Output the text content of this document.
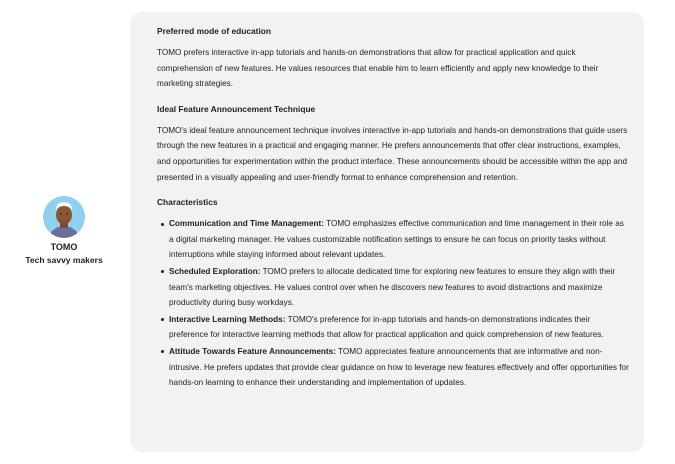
TOMO
Tech savvy makers
Preferred mode of education

TOMO prefers interactive in-app tutorials and hands-on demonstrations that allow for practical application and quick comprehension of new features. He values resources that enable him to learn efficiently and apply new knowledge to their marketing strategies.

Ideal Feature Announcement Technique

TOMO's ideal feature announcement technique involves interactive in-app tutorials and hands-on demonstrations that guide users through the new features in a practical and engaging manner. He prefers announcements that offer clear instructions, examples, and opportunities for experimentation within the product interface. These announcements should be accessible within the app and presented in a visually appealing and user-friendly format to enhance comprehension and retention.

Characteristics
Communication and Time Management: TOMO emphasizes effective communication and time management in their role as a digital marketing manager. He values customizable notification settings to ensure he can focus on priority tasks without interruptions while staying informed about relevant updates.
Scheduled Exploration: TOMO prefers to allocate dedicated time for exploring new features to ensure they align with their team's marketing objectives. He values control over when he discovers new features to avoid distractions and maximize productivity during busy workdays.
Interactive Learning Methods: TOMO's preference for in-app tutorials and hands-on demonstrations indicates their preference for interactive learning methods that allow for practical application and quick comprehension of new features.
Attitude Towards Feature Announcements: TOMO appreciates feature announcements that are informative and non-intrusive. He prefers updates that provide clear guidance on how to leverage new features effectively and offer opportunities for hands-on learning to enhance their understanding and implementation of updates.
